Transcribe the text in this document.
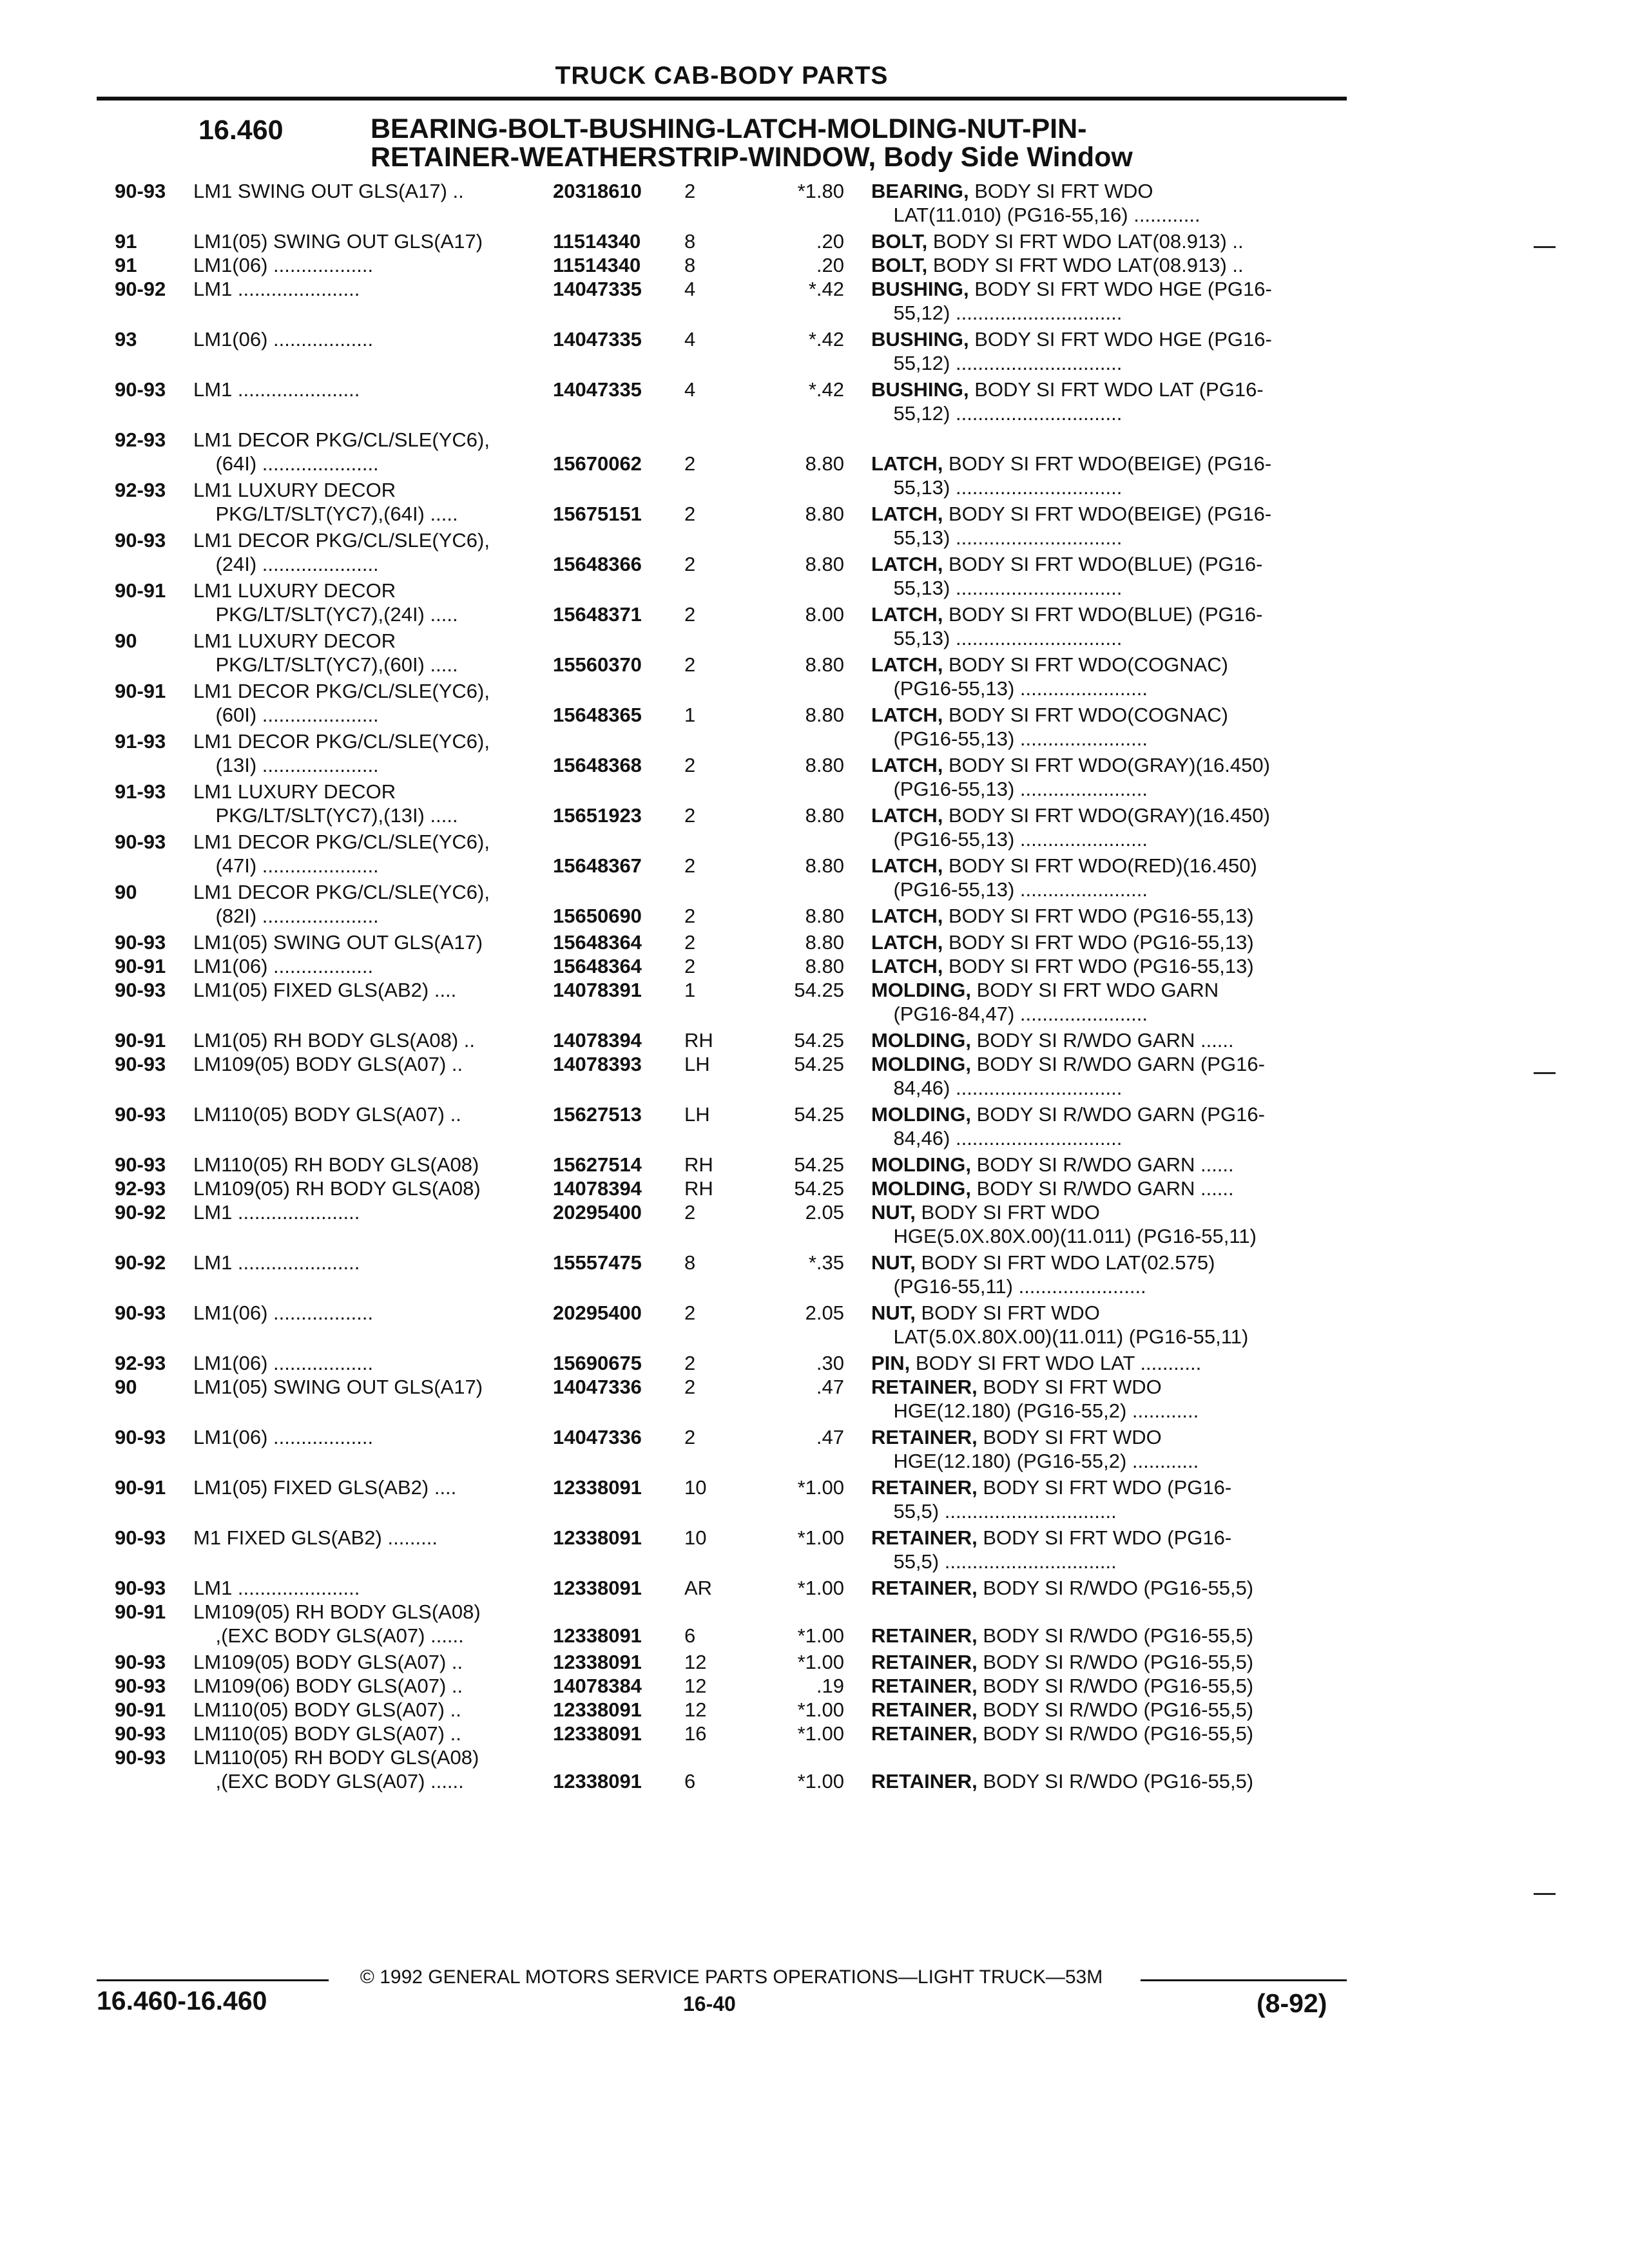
TRUCK CAB-BODY PARTS
16.460	BEARING-BOLT-BUSHING-LATCH-MOLDING-NUT-PIN-
RETAINER-WEATHERSTRIP-WINDOW, Body Side Window
90-93 LM1 SWING OUT GLS(A17) ..	20318610 2	*1.80 BEARING, BODY SI FRT WDO
LAT(11.010) (PG16-55,16) ............
91	LM1(05) SWING OUT GLS(A17)	11514340 8	.20 BOLT, BODY SI FRT WDO LAT(08.913) ..
91	LM1(06) ..................	11514340 8	.20 BOLT, BODY SI FRT WDO LAT(08.913) ..
90-92 LM1 ......................	14047335 4	*.42 BUSHING, BODY SI FRT WDO HGE (PG16-
55,12) ..............................
93	LM1(06) ..................	14047335 4	*.42 BUSHING, BODY SI FRT WDO HGE (PG16-
55,12) ..............................
90-93 LM1 ......................	14047335 4	*.42 BUSHING, BODY SI FRT WDO LAT (PG16-
55,12) ..............................
92-93 LM1 DECOR PKG/CL/SLE(YC6),
(64I) .....................	15670062 2	8.80 LATCH, BODY SI FRT WDO(BEIGE) (PG16-
55,13) ..............................
92-93 LM1 LUXURY DECOR
PKG/LT/SLT(YC7),(64I) .....	15675151 2	8.80 LATCH, BODY SI FRT WDO(BEIGE) (PG16-
55,13) ..............................
90-93 LM1 DECOR PKG/CL/SLE(YC6),
(24I) .....................	15648366 2	8.80 LATCH, BODY SI FRT WDO(BLUE) (PG16-
55,13) ..............................
90-91 LM1 LUXURY DECOR
PKG/LT/SLT(YC7),(24I) .....	15648371 2	8.00 LATCH, BODY SI FRT WDO(BLUE) (PG16-
55,13) ..............................
90	LM1 LUXURY DECOR
PKG/LT/SLT(YC7),(60I) .....	15560370 2	8.80 LATCH, BODY SI FRT WDO(COGNAC)
(PG16-55,13) .......................
90-91 LM1 DECOR PKG/CL/SLE(YC6),
(60I) .....................	15648365 1	8.80 LATCH, BODY SI FRT WDO(COGNAC)
(PG16-55,13) .......................
91-93 LM1 DECOR PKG/CL/SLE(YC6),
(13I) .....................	15648368 2	8.80 LATCH, BODY SI FRT WDO(GRAY)(16.450)
(PG16-55,13) .......................
91-93 LM1 LUXURY DECOR
PKG/LT/SLT(YC7),(13I) .....	15651923 2	8.80 LATCH, BODY SI FRT WDO(GRAY)(16.450)
(PG16-55,13) .......................
90-93 LM1 DECOR PKG/CL/SLE(YC6),
(47I) .....................	15648367 2	8.80 LATCH, BODY SI FRT WDO(RED)(16.450)
(PG16-55,13) .......................
90	LM1 DECOR PKG/CL/SLE(YC6),
(82I) .....................	15650690 2	8.80 LATCH, BODY SI FRT WDO (PG16-55,13)
90-93 LM1(05) SWING OUT GLS(A17)	15648364 2	8.80 LATCH, BODY SI FRT WDO (PG16-55,13)
90-91 LM1(06) ..................	15648364 2	8.80 LATCH, BODY SI FRT WDO (PG16-55,13)
90-93 LM1(05) FIXED GLS(AB2) ....	14078391 1	54.25 MOLDING, BODY SI FRT WDO GARN
(PG16-84,47) .......................
90-91 LM1(05) RH BODY GLS(A08) ..	14078394 RH	54.25 MOLDING, BODY SI R/WDO GARN ......
90-93 LM109(05) BODY GLS(A07) ..	14078393 LH	54.25 MOLDING, BODY SI R/WDO GARN (PG16-
84,46) ..............................
90-93 LM110(05) BODY GLS(A07) ..	15627513 LH	54.25 MOLDING, BODY SI R/WDO GARN (PG16-
84,46) ..............................
90-93 LM110(05) RH BODY GLS(A08)	15627514 RH	54.25 MOLDING, BODY SI R/WDO GARN ......
92-93 LM109(05) RH BODY GLS(A08)	14078394 RH	54.25 MOLDING, BODY SI R/WDO GARN ......
90-92 LM1 ......................	20295400 2	2.05 NUT, BODY SI FRT WDO
HGE(5.0X.80X.00)(11.011) (PG16-55,11)
90-92 LM1 ......................	15557475 8	*.35 NUT, BODY SI FRT WDO LAT(02.575)
(PG16-55,11) .......................
90-93 LM1(06) ..................	20295400 2	2.05 NUT, BODY SI FRT WDO
LAT(5.0X.80X.00)(11.011) (PG16-55,11)
92-93 LM1(06) ..................	15690675 2	.30 PIN, BODY SI FRT WDO LAT ...........
90	LM1(05) SWING OUT GLS(A17)	14047336 2	.47 RETAINER, BODY SI FRT WDO
HGE(12.180) (PG16-55,2) ............
90-93 LM1(06) ..................	14047336 2	.47 RETAINER, BODY SI FRT WDO
HGE(12.180) (PG16-55,2) ............
90-91 LM1(05) FIXED GLS(AB2) ....	12338091 10	*1.00 RETAINER, BODY SI FRT WDO (PG16-
55,5) ...............................
90-93 M1 FIXED GLS(AB2) .........	12338091 10	*1.00 RETAINER, BODY SI FRT WDO (PG16-
55,5) ...............................
90-93 LM1 ......................	12338091 AR	*1.00 RETAINER, BODY SI R/WDO (PG16-55,5)
90-91 LM109(05) RH BODY GLS(A08)
,(EXC BODY GLS(A07) ......	12338091 6	*1.00 RETAINER, BODY SI R/WDO (PG16-55,5)
90-93 LM109(05) BODY GLS(A07) ..	12338091 12	*1.00 RETAINER, BODY SI R/WDO (PG16-55,5)
90-93 LM109(06) BODY GLS(A07) ..	14078384 12	.19 RETAINER, BODY SI R/WDO (PG16-55,5)
90-91 LM110(05) BODY GLS(A07) ..	12338091 12	*1.00 RETAINER, BODY SI R/WDO (PG16-55,5)
90-93 LM110(05) BODY GLS(A07) ..	12338091 16	*1.00 RETAINER, BODY SI R/WDO (PG16-55,5)
90-93 LM110(05) RH BODY GLS(A08)
,(EXC BODY GLS(A07) ......	12338091 6	*1.00 RETAINER, BODY SI R/WDO (PG16-55,5)
© 1992 GENERAL MOTORS SERVICE PARTS OPERATIONS—LIGHT TRUCK—53M
16.460-16.460	16-40	(8-92)
